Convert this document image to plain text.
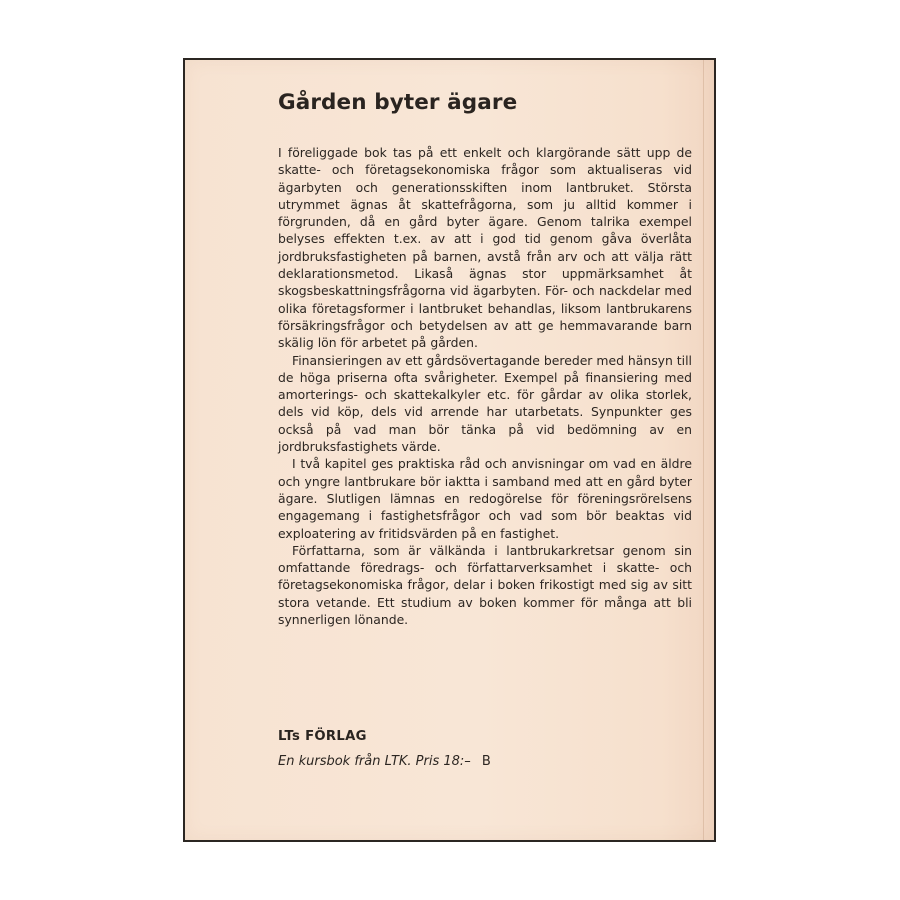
Gården byter ägare

I föreliggade bok tas på ett enkelt och klargörande sätt upp de skatte- och företagsekonomiska frågor som aktualiseras vid ägarbyten och generationsskiften inom lantbruket. Största utrymmet ägnas åt skattefrågorna, som ju alltid kommer i förgrunden, då en gård byter ägare. Genom talrika exempel belyses effekten t.ex. av att i god tid genom gåva överlåta jordbruksfastigheten på barnen, avstå från arv och att välja rätt deklarationsmetod. Likaså ägnas stor uppmärksamhet åt skogsbeskattningsfrågorna vid ägarbyten. För- och nackdelar med olika företagsformer i lantbruket behandlas, liksom lantbrukarens försäkringsfrågor och betydelsen av att ge hemmavarande barn skälig lön för arbetet på gården.

Finansieringen av ett gårdsövertagande bereder med hänsyn till de höga priserna ofta svårigheter. Exempel på finansiering med amorterings- och skattekalkyler etc. för gårdar av olika storlek, dels vid köp, dels vid arrende har utarbetats. Synpunkter ges också på vad man bör tänka på vid bedömning av en jordbruksfastighets värde.

I två kapitel ges praktiska råd och anvisningar om vad en äldre och yngre lantbrukare bör iaktta i samband med att en gård byter ägare. Slutligen lämnas en redogörelse för föreningsrörelsens engagemang i fastighetsfrågor och vad som bör beaktas vid exploatering av fritidsvärden på en fastighet.

Författarna, som är välkända i lantbrukarkretsar genom sin omfattande föredrags- och författarverksamhet i skatte- och företagsekonomiska frågor, delar i boken frikostigt med sig av sitt stora vetande. Ett studium av boken kommer för många att bli synnerligen lönande.

LTs FÖRLAG

En kursbok från LTK. Pris 18:– B
